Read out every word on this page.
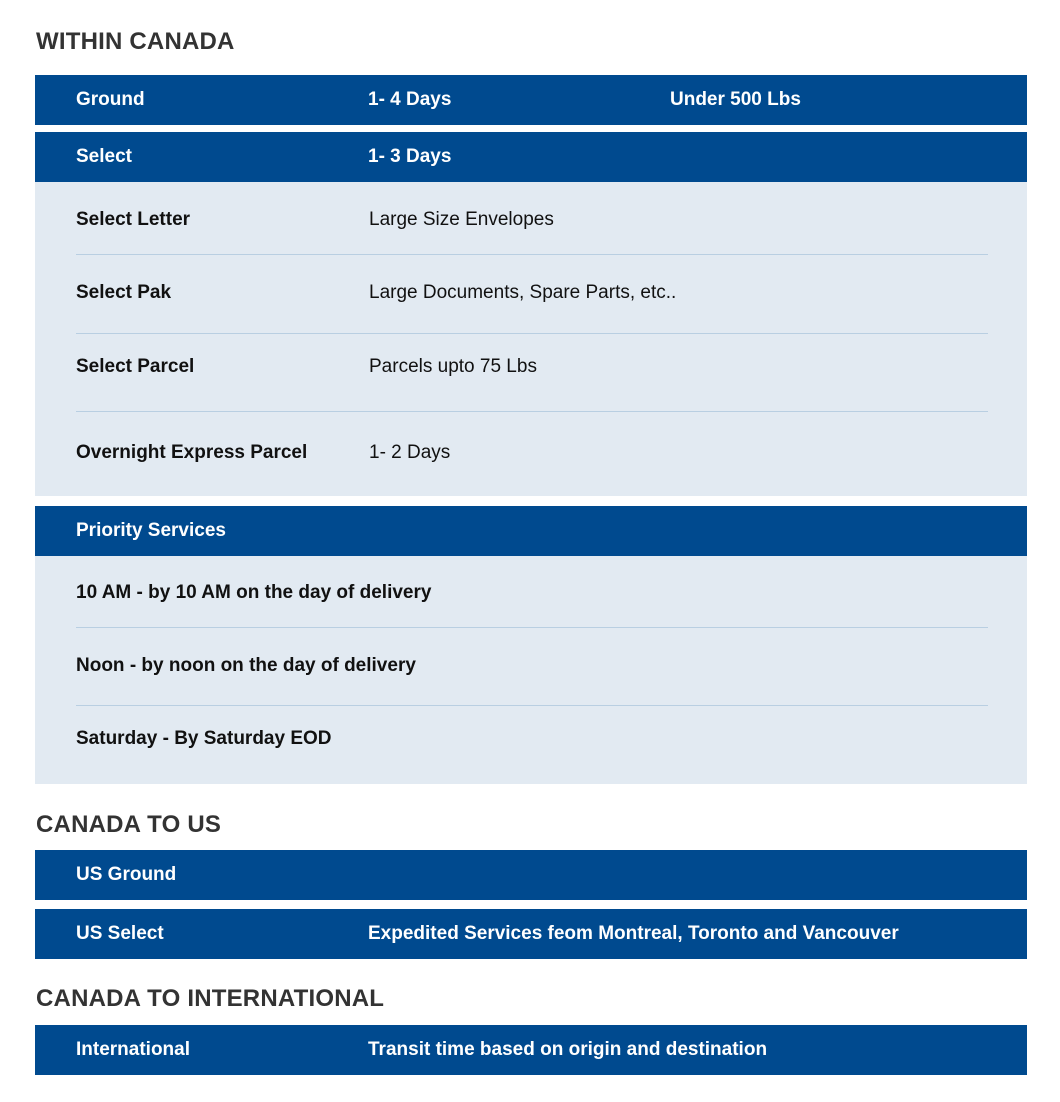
WITHIN CANADA
Ground	1- 4 Days	Under 500 Lbs
Select	1- 3 Days
Select Letter	Large Size Envelopes
Select Pak	Large Documents, Spare Parts, etc..
Select Parcel	Parcels upto 75 Lbs
Overnight Express Parcel	1- 2 Days
Priority Services
10 AM - by 10 AM on the day of delivery
Noon - by noon on the day of delivery
Saturday - By Saturday EOD
CANADA TO US
US Ground
US Select	Expedited Services feom Montreal, Toronto and Vancouver
CANADA TO INTERNATIONAL
International	Transit time based on origin and destination
